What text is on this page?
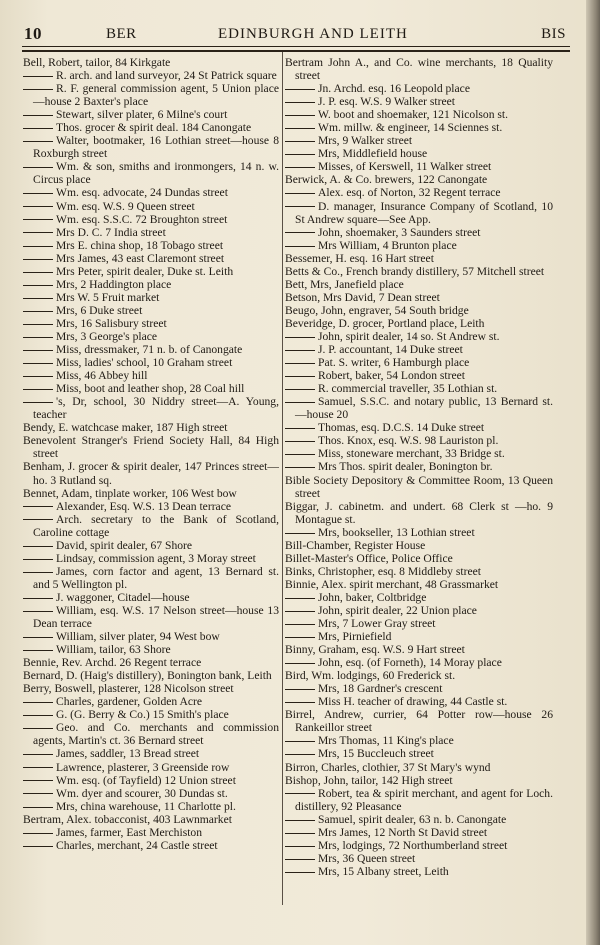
10	BER	EDINBURGH AND LEITH	BIS

Bell, Robert, tailor, 84 Kirkgate

R. arch. and land surveyor, 24 St Patrick square

R. F. general commission agent, 5 Union place—house 2 Baxter's place

Stewart, silver plater, 6 Milne's court

Thos. grocer & spirit deal. 184 Canongate

Walter, bootmaker, 16 Lothian street—house 8 Roxburgh street

Wm. & son, smiths and ironmongers, 14 n. w. Circus place

Wm. esq. advocate, 24 Dundas street

Wm. esq. W.S. 9 Queen street

Wm. esq. S.S.C. 72 Broughton street

Mrs D. C. 7 India street

Mrs E. china shop, 18 Tobago street

Mrs James, 43 east Claremont street

Mrs Peter, spirit dealer, Duke st. Leith

Mrs, 2 Haddington place

Mrs W. 5 Fruit market

Mrs, 6 Duke street

Mrs, 16 Salisbury street

Mrs, 3 George's place

Miss, dressmaker, 71 n. b. of Canongate

Miss, ladies' school, 10 Graham street

Miss, 46 Abbey hill

Miss, boot and leather shop, 28 Coal hill

's, Dr, school, 30 Niddry street—A. Young, teacher

Bendy, E. watchcase maker, 187 High street

Benevolent Stranger's Friend Society Hall, 84 High street

Benham, J. grocer & spirit dealer, 147 Princes street—ho. 3 Rutland sq.

Bennet, Adam, tinplate worker, 106 West bow

Alexander, Esq. W.S. 13 Dean terrace

Arch. secretary to the Bank of Scotland, Caroline cottage

David, spirit dealer, 67 Shore

Lindsay, commission agent, 3 Moray street

James, corn factor and agent, 13 Bernard st. and 5 Wellington pl.

J. waggoner, Citadel—house

William, esq. W.S. 17 Nelson street—house 13 Dean terrace

William, silver plater, 94 West bow

William, tailor, 63 Shore

Bennie, Rev. Archd. 26 Regent terrace

Bernard, D. (Haig's distillery), Bonington bank, Leith

Berry, Boswell, plasterer, 128 Nicolson street

Charles, gardener, Golden Acre

G. (G. Berry & Co.) 15 Smith's place

Geo. and Co. merchants and commission agents, Martin's ct. 36 Bernard street

James, saddler, 13 Bread street

Lawrence, plasterer, 3 Greenside row

Wm. esq. (of Tayfield) 12 Union street

Wm. dyer and scourer, 30 Dundas st.

Mrs, china warehouse, 11 Charlotte pl.

Bertram, Alex. tobacconist, 403 Lawnmarket

James, farmer, East Merchiston

Charles, merchant, 24 Castle street

Bertram John A., and Co. wine merchants, 18 Quality street

Jn. Archd. esq. 16 Leopold place

J. P. esq. W.S. 9 Walker street

W. boot and shoemaker, 121 Nicolson st.

Wm. millw. & engineer, 14 Sciennes st.

Mrs, 9 Walker street

Mrs, Middlefield house

Misses, of Kerswell, 11 Walker street

Berwick, A. & Co. brewers, 122 Canongate

Alex. esq. of Norton, 32 Regent terrace

D. manager, Insurance Company of Scotland, 10 St Andrew square—See App.

John, shoemaker, 3 Saunders street

Mrs William, 4 Brunton place

Bessemer, H. esq. 16 Hart street

Betts & Co., French brandy distillery, 57 Mitchell street

Bett, Mrs, Janefield place

Betson, Mrs David, 7 Dean street

Beugo, John, engraver, 54 South bridge

Beveridge, D. grocer, Portland place, Leith

John, spirit dealer, 14 so. St Andrew st.

J. P. accountant, 14 Duke street

Pat. S. writer, 6 Hamburgh place

Robert, baker, 54 London street

R. commercial traveller, 35 Lothian st.

Samuel, S.S.C. and notary public, 13 Bernard st.—house 20

Thomas, esq. D.C.S. 14 Duke street

Thos. Knox, esq. W.S. 98 Lauriston pl.

Miss, stoneware merchant, 33 Bridge st.

Mrs Thos. spirit dealer, Bonington br.

Bible Society Depository & Committee Room, 13 Queen street

Biggar, J. cabinetm. and undert. 68 Clerk st —ho. 9 Montague st.

Mrs, bookseller, 13 Lothian street

Bill-Chamber, Register House

Billet-Master's Office, Police Office

Binks, Christopher, esq. 8 Middleby street

Binnie, Alex. spirit merchant, 48 Grassmarket

John, baker, Coltbridge

John, spirit dealer, 22 Union place

Mrs, 7 Lower Gray street

Mrs, Pirniefield

Binny, Graham, esq. W.S. 9 Hart street

John, esq. (of Forneth), 14 Moray place

Bird, Wm. lodgings, 60 Frederick st.

Mrs, 18 Gardner's crescent

Miss H. teacher of drawing, 44 Castle st.

Birrel, Andrew, currier, 64 Potter row—house 26 Rankeillor street

Mrs Thomas, 11 King's place

Mrs, 15 Buccleuch street

Birron, Charles, clothier, 37 St Mary's wynd

Bishop, John, tailor, 142 High street

Robert, tea & spirit merchant, and agent for Loch. distillery, 92 Pleasance

Samuel, spirit dealer, 63 n. b. Canongate

Mrs James, 12 North St David street

Mrs, lodgings, 72 Northumberland street

Mrs, 36 Queen street

Mrs, 15 Albany street, Leith
